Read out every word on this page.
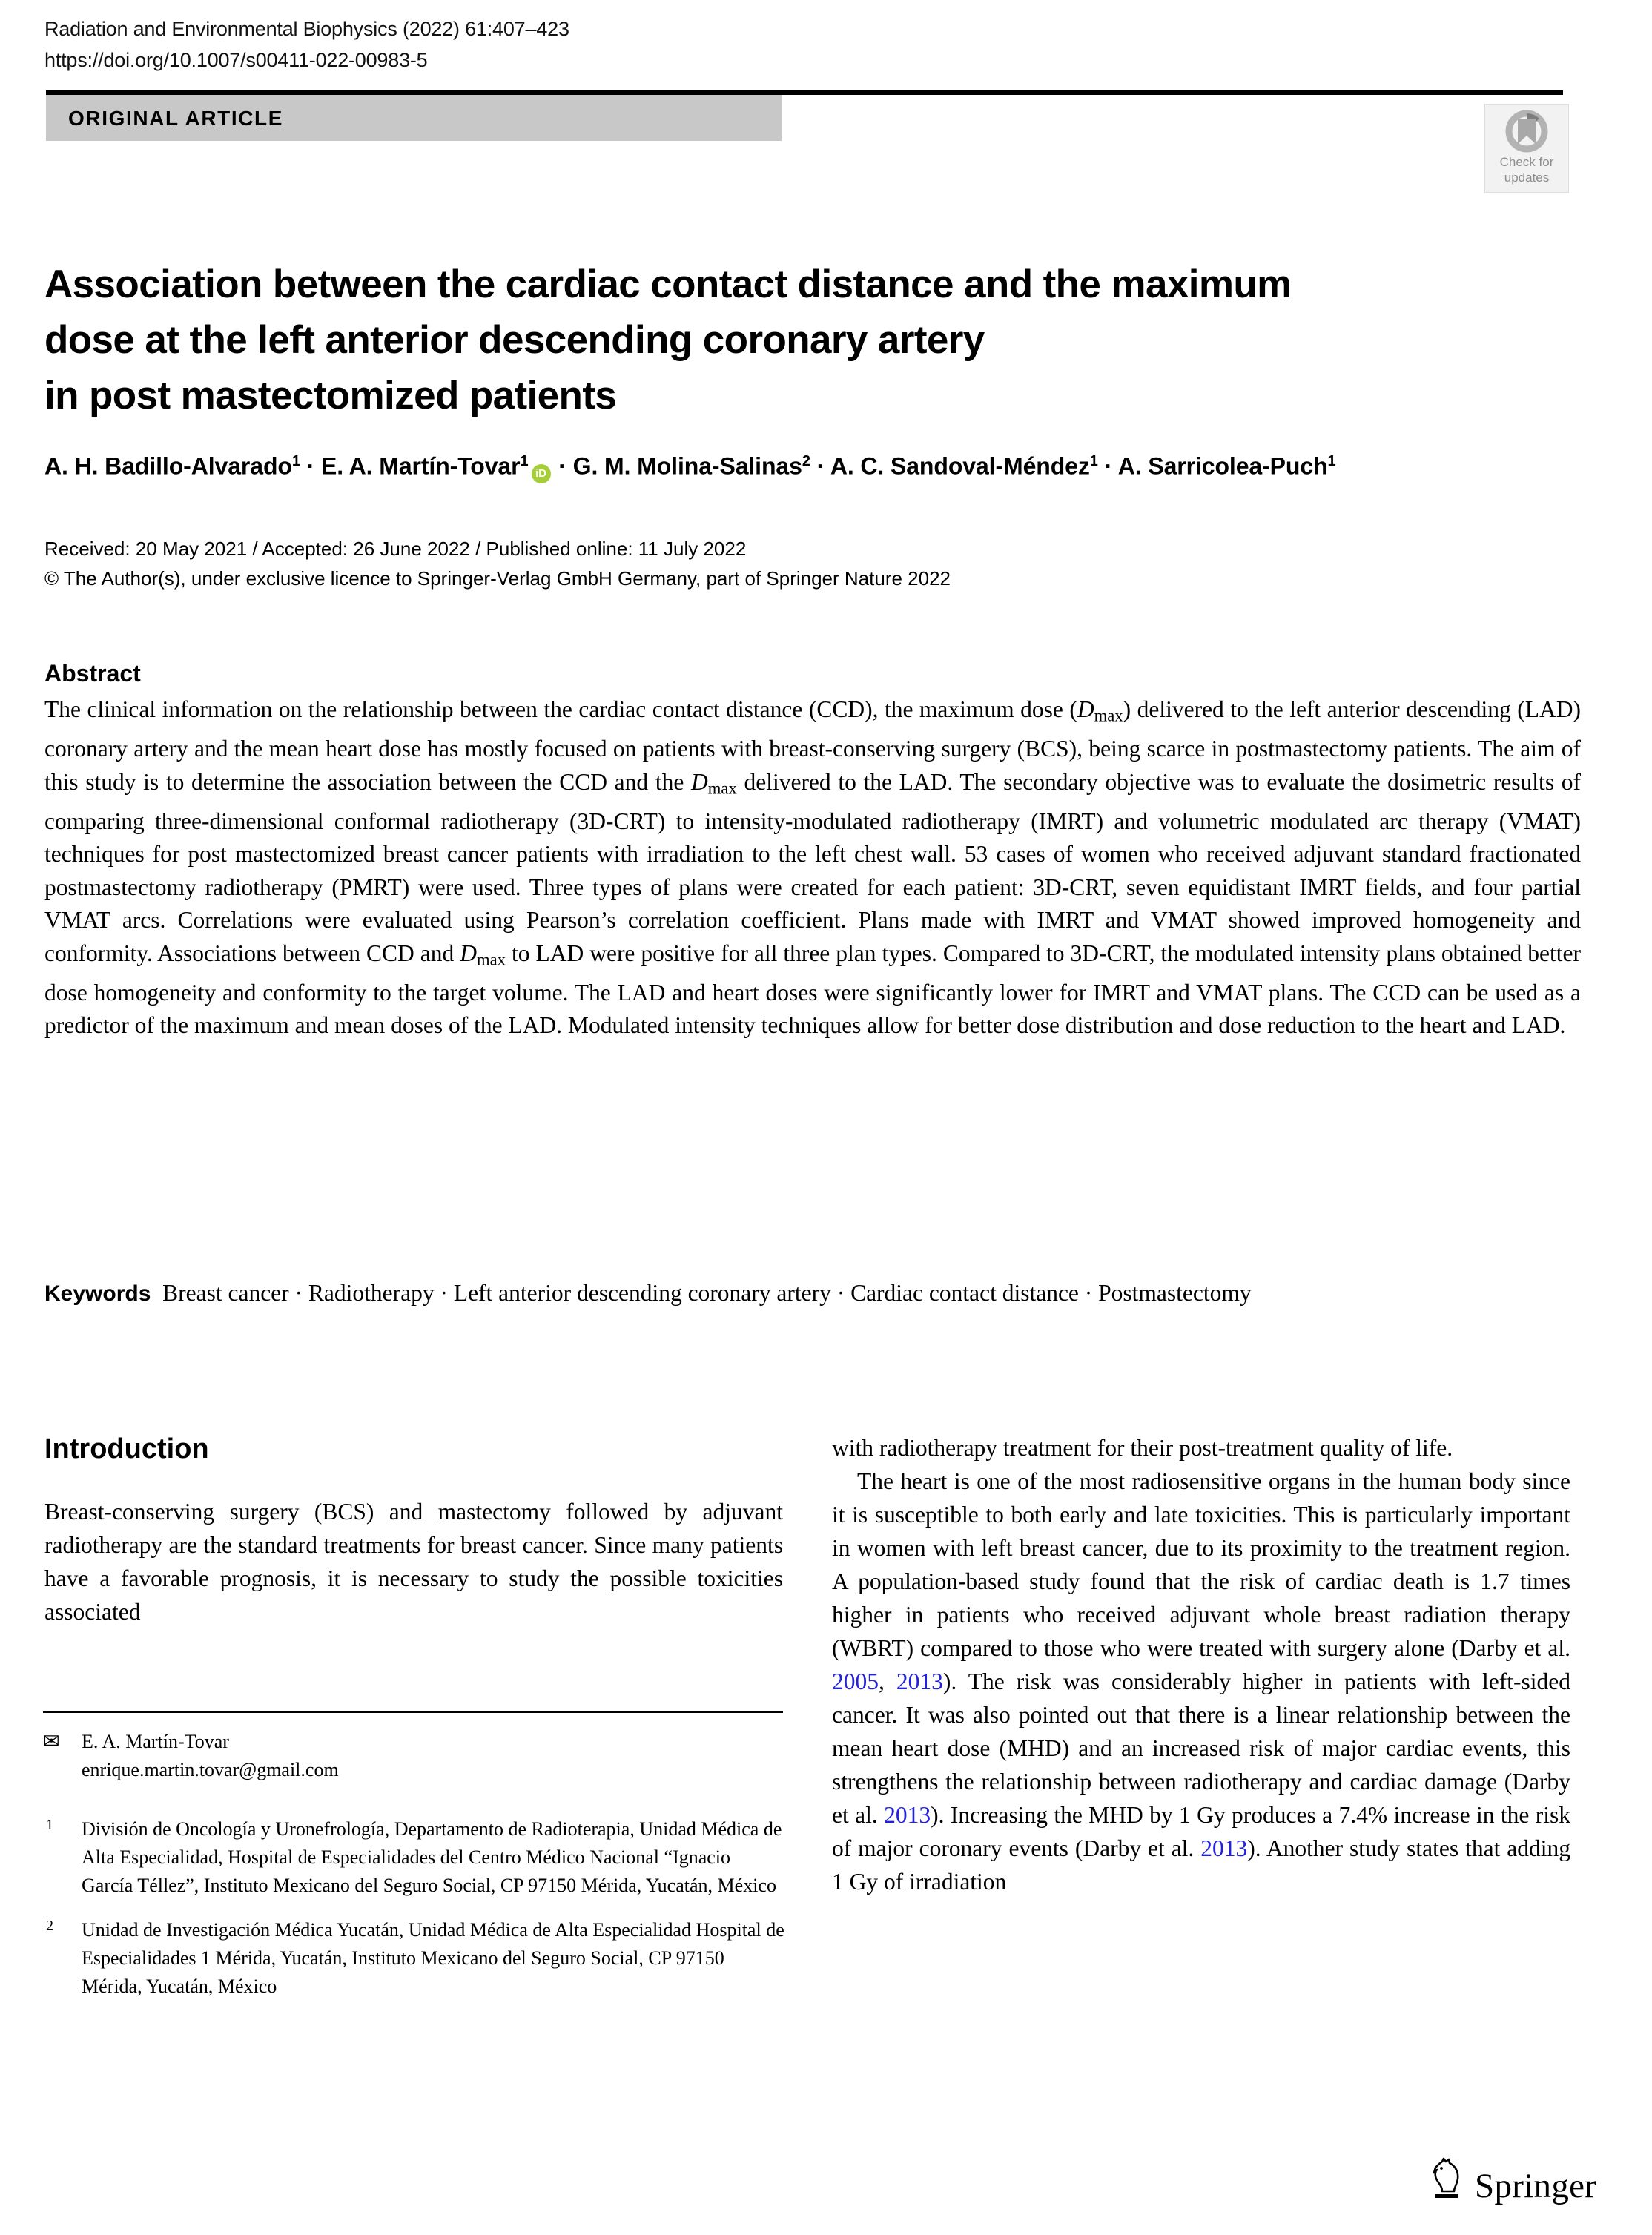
Radiation and Environmental Biophysics (2022) 61:407–423
https://doi.org/10.1007/s00411-022-00983-5
ORIGINAL ARTICLE
Check for
updates
Association between the cardiac contact distance and the maximum
dose at the left anterior descending coronary artery
in post mastectomized patients
A. H. Badillo-Alvarado$^1$ · E. A. Martín-Tovar$^1$iD · G. M. Molina-Salinas$^2$ · A. C. Sandoval-Méndez$^1$ · A. Sarricolea-Puch$^1$
Received: 20 May 2021 / Accepted: 26 June 2022 / Published online: 11 July 2022
© The Author(s), under exclusive licence to Springer-Verlag GmbH Germany, part of Springer Nature 2022
Abstract
The clinical information on the relationship between the cardiac contact distance (CCD), the maximum dose $(D_{max})$ delivered to the left anterior descending (LAD) coronary artery and the mean heart dose has mostly focused on patients with breast-conserving surgery (BCS), being scarce in postmastectomy patients. The aim of this study is to determine the association between the CCD and the $D_{max}$ delivered to the LAD. The secondary objective was to evaluate the dosimetric results of comparing three-dimensional conformal radiotherapy (3D-CRT) to intensity-modulated radiotherapy (IMRT) and volumetric modulated arc therapy (VMAT) techniques for post mastectomized breast cancer patients with irradiation to the left chest wall. 53 cases of women who received adjuvant standard fractionated postmastectomy radiotherapy (PMRT) were used. Three types of plans were created for each patient: 3D-CRT, seven equidistant IMRT fields, and four partial VMAT arcs. Correlations were evaluated using Pearson’s correlation coefficient. Plans made with IMRT and VMAT showed improved homogeneity and conformity. Associations between CCD and $D_{max}$ to LAD were positive for all three plan types. Compared to 3D-CRT, the modulated intensity plans obtained better dose homogeneity and conformity to the target volume. The LAD and heart doses were significantly lower for IMRT and VMAT plans. The CCD can be used as a predictor of the maximum and mean doses of the LAD. Modulated intensity techniques allow for better dose distribution and dose reduction to the heart and LAD.
Keywords Breast cancer · Radiotherapy · Left anterior descending coronary artery · Cardiac contact distance · Postmastectomy
Introduction

Breast-conserving surgery (BCS) and mastectomy followed by adjuvant radiotherapy are the standard treatments for breast cancer. Since many patients have a favorable prognosis, it is necessary to study the possible toxicities associated

with radiotherapy treatment for their post-treatment quality of life.

The heart is one of the most radiosensitive organs in the human body since it is susceptible to both early and late toxicities. This is particularly important in women with left breast cancer, due to its proximity to the treatment region. A population-based study found that the risk of cardiac death is 1.7 times higher in patients who received adjuvant whole breast radiation therapy (WBRT) compared to those who were treated with surgery alone (Darby et al. 2005, 2013). The risk was considerably higher in patients with left-sided cancer. It was also pointed out that there is a linear relationship between the mean heart dose (MHD) and an increased risk of major cardiac events, this strengthens the relationship between radiotherapy and cardiac damage (Darby et al. 2013). Increasing the MHD by 1 Gy produces a 7.4% increase in the risk of major coronary events (Darby et al. 2013). Another study states that adding 1 Gy of irradiation

✉ E. A. Martín-Tovar
enrique.martin.tovar@gmail.com
1 División de Oncología y Uronefrología, Departamento de Radioterapia, Unidad Médica de Alta Especialidad, Hospital de Especialidades del Centro Médico Nacional “Ignacio García Téllez”, Instituto Mexicano del Seguro Social, CP 97150 Mérida, Yucatán, México
2 Unidad de Investigación Médica Yucatán, Unidad Médica de Alta Especialidad Hospital de Especialidades 1 Mérida, Yucatán, Instituto Mexicano del Seguro Social, CP 97150 Mérida, Yucatán, México
Springer
